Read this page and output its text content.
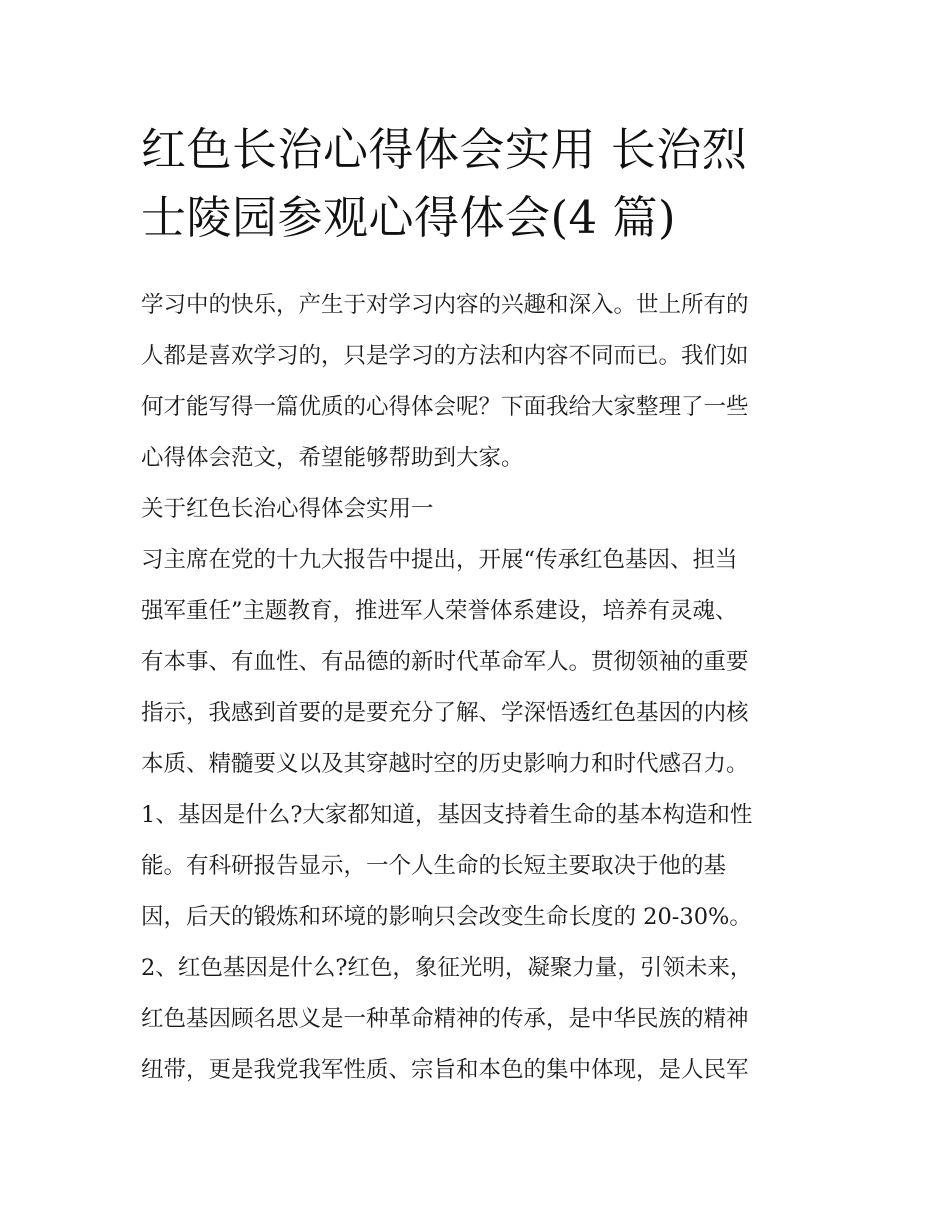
红色长治心得体会实用 长治烈
士陵园参观心得体会(4 篇)
学习中的快乐，产生于对学习内容的兴趣和深入。世上所有的
人都是喜欢学习的，只是学习的方法和内容不同而已。我们如
何才能写得一篇优质的心得体会呢？下面我给大家整理了一些
心得体会范文，希望能够帮助到大家。
关于红色长治心得体会实用一
习主席在党的十九大报告中提出，开展“传承红色基因、担当
强军重任”主题教育，推进军人荣誉体系建设，培养有灵魂、
有本事、有血性、有品德的新时代革命军人。贯彻领袖的重要
指示，我感到首要的是要充分了解、学深悟透红色基因的内核
本质、精髓要义以及其穿越时空的历史影响力和时代感召力。
1、基因是什么?大家都知道，基因支持着生命的基本构造和性
能。有科研报告显示，一个人生命的长短主要取决于他的基
因，后天的锻炼和环境的影响只会改变生命长度的 20-30%。
2、红色基因是什么?红色，象征光明，凝聚力量，引领未来，
红色基因顾名思义是一种革命精神的传承，是中华民族的精神
纽带，更是我党我军性质、宗旨和本色的集中体现，是人民军
